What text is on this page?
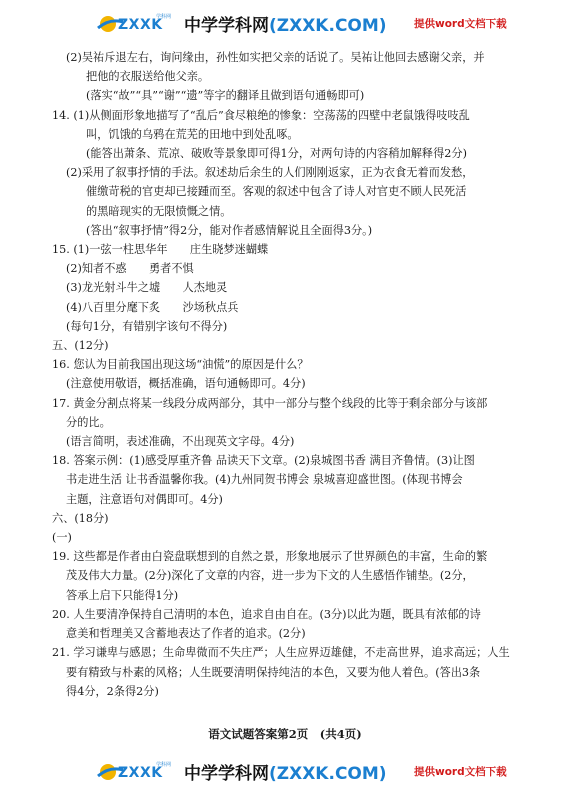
ZXXK
学科网 中学学科网(ZXXK.COM)	提供word文档下载

(2)吴祐斥退左右，询问缘由，孙性如实把父亲的话说了。吴祐让他回去感谢父亲，并

把他的衣服送给他父亲。

(落实“故”“具”“谢”“遗”等字的翻译且做到语句通畅即可)

14. (1)从侧面形象地描写了“乱后”食尽粮绝的惨象：空荡荡的四壁中老鼠饿得吱吱乱

叫，饥饿的乌鸦在荒芜的田地中到处乱啄。

(能答出萧条、荒凉、破败等景象即可得1分，对两句诗的内容稍加解释得2分)

(2)采用了叙事抒情的手法。叙述劫后余生的人们刚刚返家，正为衣食无着而发愁，

催缴苛税的官吏却已接踵而至。客观的叙述中包含了诗人对官吏不顾人民死活

的黑暗现实的无限愤慨之情。

(答出“叙事抒情”得2分，能对作者感情解说且全面得3分。)

15. (1)一弦一柱思华年　　庄生晓梦迷蝴蝶

(2)知者不惑　　勇者不惧

(3)龙光射斗牛之墟　　人杰地灵

(4)八百里分麾下炙　　沙场秋点兵

(每句1分，有错别字该句不得分)

五、(12分)

16. 您认为目前我国出现这场“油慌”的原因是什么？

(注意使用敬语，概括准确，语句通畅即可。4分)

17. 黄金分割点将某一线段分成两部分，其中一部分与整个线段的比等于剩余部分与该部

分的比。

(语言简明，表述准确，不出现英文字母。4分)

18. 答案示例：(1)感受厚重齐鲁 品读天下文章。(2)泉城图书香 满目齐鲁情。(3)让图

书走进生活 让书香温馨你我。(4)九州同贺书博会 泉城喜迎盛世图。(体现书博会

主题，注意语句对偶即可。4分)

六、(18分)

(一)

19. 这些都是作者由白瓷盘联想到的自然之景，形象地展示了世界颜色的丰富，生命的繁

茂及伟大力量。(2分)深化了文章的内容，进一步为下文的人生感悟作铺垫。(2分，

答承上启下只能得1分)

20. 人生要清净保持自己清明的本色，追求自由自在。(3分)以此为题，既具有浓郁的诗

意美和哲理美又含蓄地表达了作者的追求。(2分)

21. 学习谦卑与感恩；生命卑微而不失庄严；人生应界迈雄健，不走高世界，追求高远；人生

要有精致与朴素的风格；人生既要清明保持纯洁的本色，又要为他人着色。(答出3条

得4分，2条得2分)

语文试题答案第2页　(共4页)
ZXXK
学科网 中学学科网(ZXXK.COM)	提供word文档下载
